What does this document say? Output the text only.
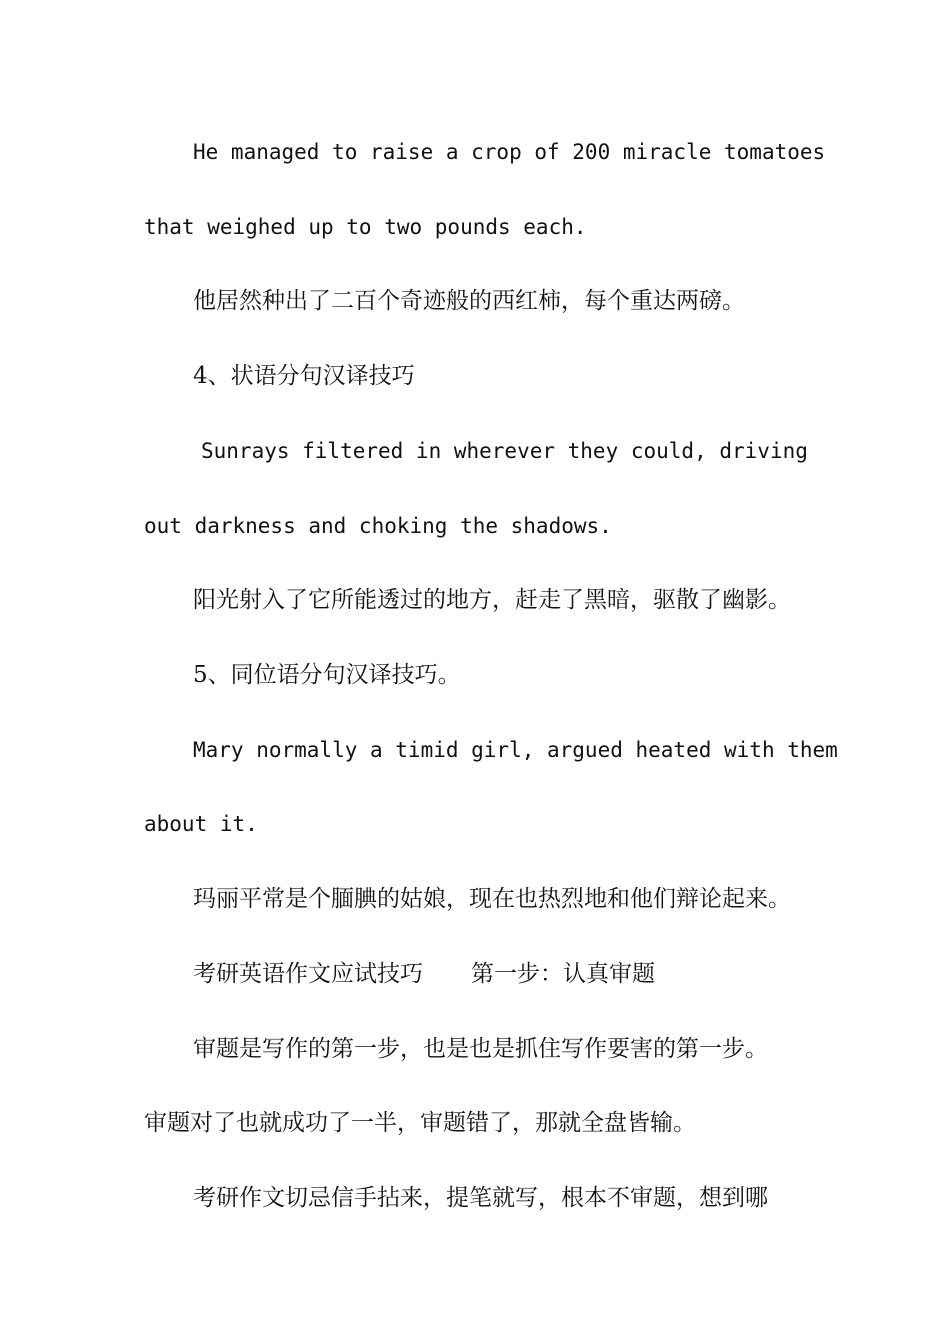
He managed to raise a crop of 200 miracle tomatoes
that weighed up to two pounds each.
他居然种出了二百个奇迹般的西红柿，每个重达两磅。
4、状语分句汉译技巧
Sunrays filtered in wherever they could, driving
out darkness and choking the shadows.
阳光射入了它所能透过的地方，赶走了黑暗，驱散了幽影。
5、同位语分句汉译技巧。
Mary normally a timid girl, argued heated with them
about it.
玛丽平常是个腼腆的姑娘，现在也热烈地和他们辩论起来。
考研英语作文应试技巧 第一步：认真审题
审题是写作的第一步，也是也是抓住写作要害的第一步。
审题对了也就成功了一半，审题错了，那就全盘皆输。
考研作文切忌信手拈来，提笔就写，根本不审题，想到哪
